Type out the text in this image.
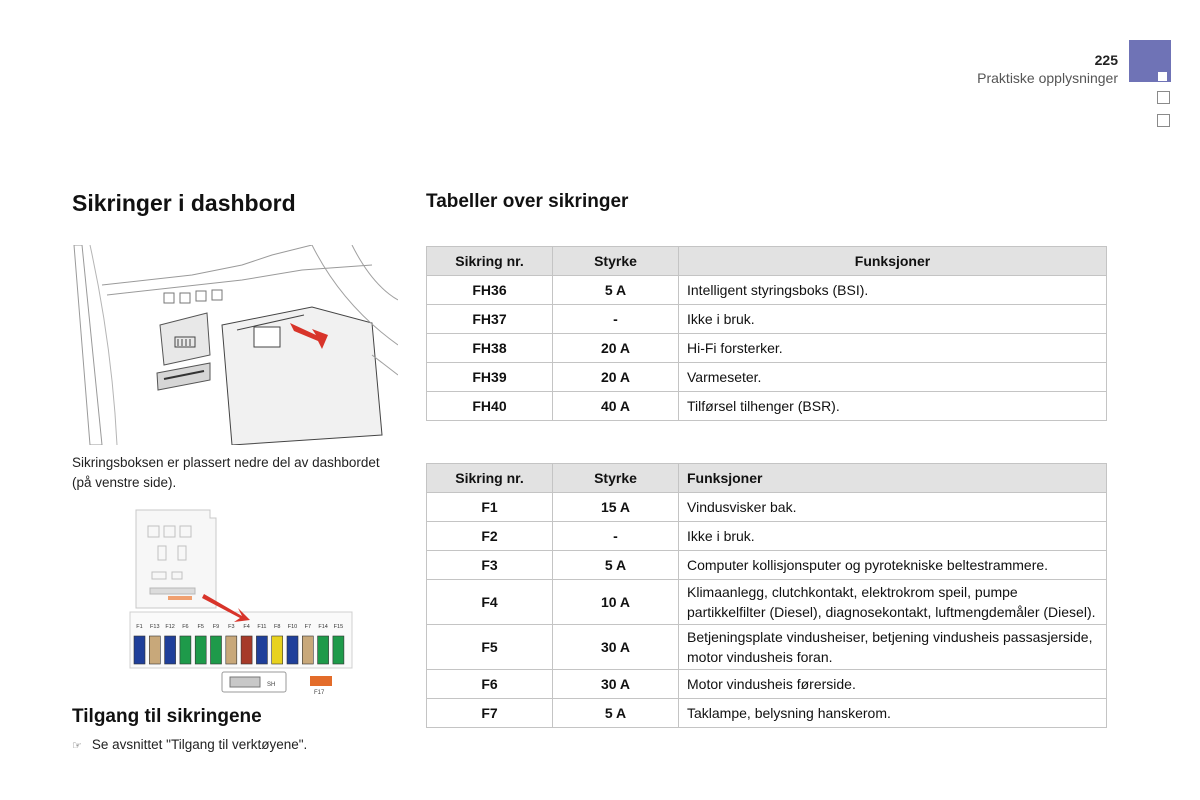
225
Praktiske opplysninger
Sikringer i dashbord
Sikringsboksen er plassert nedre del av dashbordet (på venstre side).
F1 F13 F12 F6 F5 F9 F3 F4 F11 F8 F10 F7 F14 F15
SH
F17
Tilgang til sikringene
☞ Se avsnittet "Tilgang til verktøyene".
Tabeller over sikringer
Sikring nr.	Styrke	Funksjoner
FH36	5 A	Intelligent styringsboks (BSI).
FH37	-	Ikke i bruk.
FH38	20 A	Hi-Fi forsterker.
FH39	20 A	Varmeseter.
FH40	40 A	Tilførsel tilhenger (BSR).
Sikring nr.	Styrke	Funksjoner
F1	15 A	Vindusvisker bak.
F2	-	Ikke i bruk.
F3	5 A	Computer kollisjonsputer og pyrotekniske beltestrammere.
F4	10 A	Klimaanlegg, clutchkontakt, elektrokrom speil, pumpe partikkelfilter (Diesel), diagnosekontakt, luftmengdemåler (Diesel).
F5	30 A	Betjeningsplate vindusheiser, betjening vindusheis passasjerside, motor vindusheis foran.
F6	30 A	Motor vindusheis førerside.
F7	5 A	Taklampe, belysning hanskerom.
